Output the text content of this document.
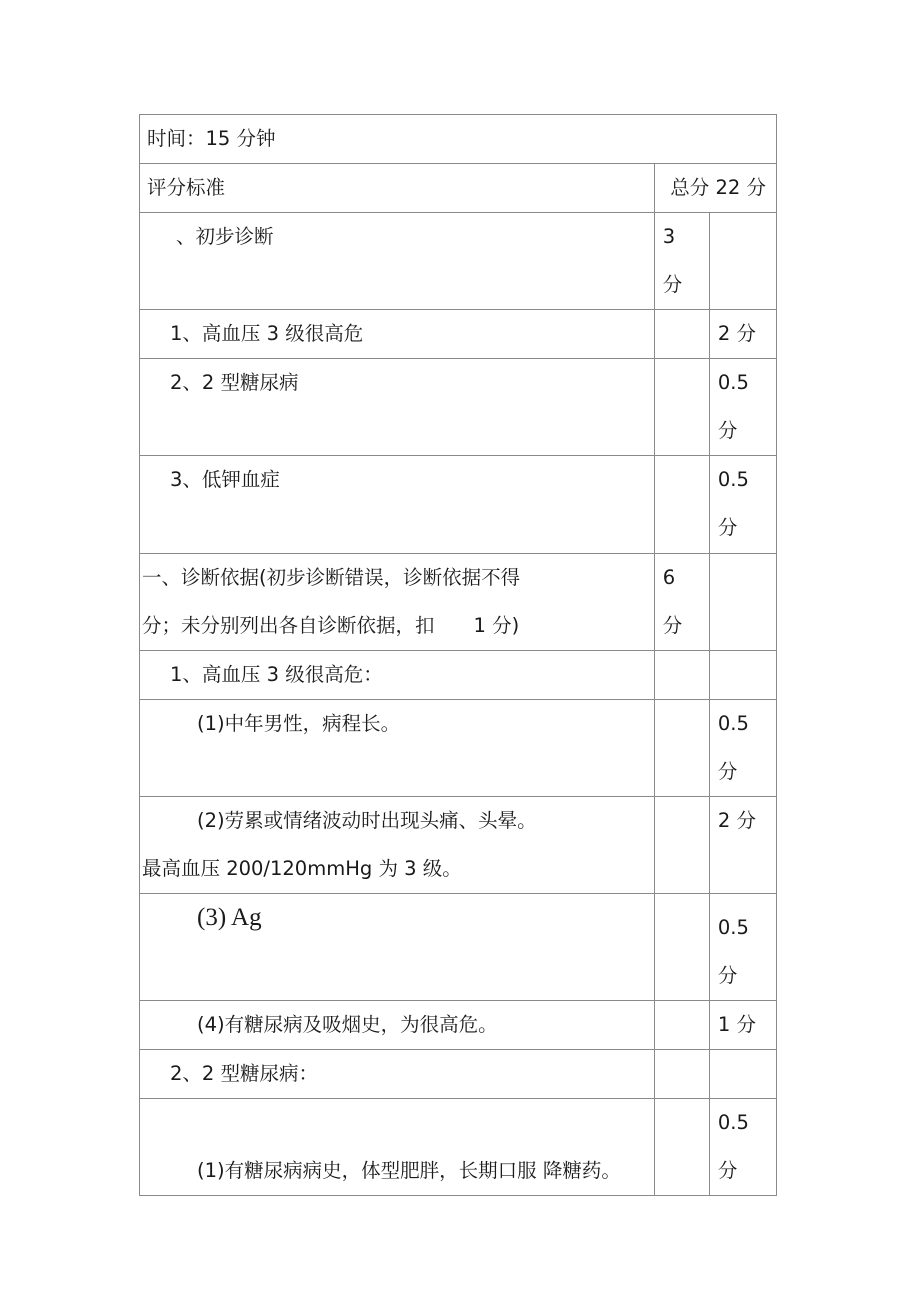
时间：15 分钟		

评分标准	总分 22 分	

、初步诊断	3
分	

1、高血压 3 级很高危		2 分

2、2 型糖尿病		0.5
分

3、低钾血症		0.5
分

一、诊断依据(初步诊断错误，诊断依据不得
分；未分别列出各自诊断依据，扣　　1 分)	6
分	

1、高血压 3 级很高危：		

(1)中年男性，病程长。		0.5
分

(2)劳累或情绪波动时出现头痛、头晕。
最高血压 200/120mmHg 为 3 级。		2 分

(3) Ag		0.5
分

(4)有糖尿病及吸烟史，为很高危。		1 分

2、2 型糖尿病：		

(1)有糖尿病病史，体型肥胖，长期口服 降糖药。		0.5
分
